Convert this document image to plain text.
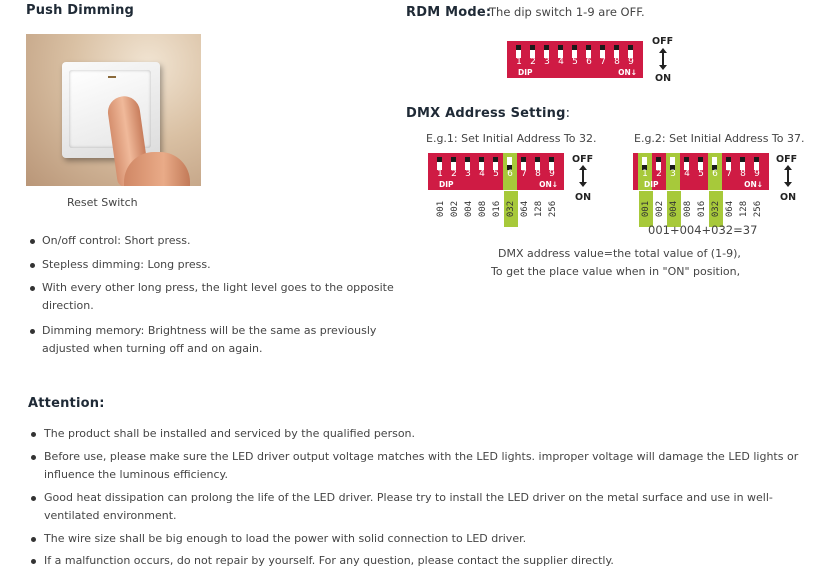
Push Dimming
Reset Switch
On/off control: Short press.
Stepless dimming: Long press.
With every other long press, the light level goes to the opposite
direction.
Dimming memory: Brightness will be the same as previously
adjusted when turning off and on again.
RDM Mode:
The dip switch 1-9 are OFF.
1 2 3 4 5 6 7 8 9
DIP	ON↓
OFF
ON
DMX Address Setting:
E.g.1: Set Initial Address To 32.
1 2 3 4 5 6 7 8 9
DIP	ON↓
OFF
ON
001 002 004 008 016 032 064 128 256
E.g.2: Set Initial Address To 37.
1 2 3 4 5 6 7 8 9
DIP	ON↓
OFF
ON
001 002 004 008 016 032 064 128 256
001+004+032=37
DMX address value=the total value of (1-9),
To get the place value when in "ON" position,
Attention:
The product shall be installed and serviced by the qualified person.
Before use, please make sure the LED driver output voltage matches with the LED lights. improper voltage will damage the LED lights or
influence the luminous efficiency.
Good heat dissipation can prolong the life of the LED driver. Please try to install the LED driver on the metal surface and use in well-
ventilated environment.
The wire size shall be big enough to load the power with solid connection to LED driver.
If a malfunction occurs, do not repair by yourself. For any question, please contact the supplier directly.
